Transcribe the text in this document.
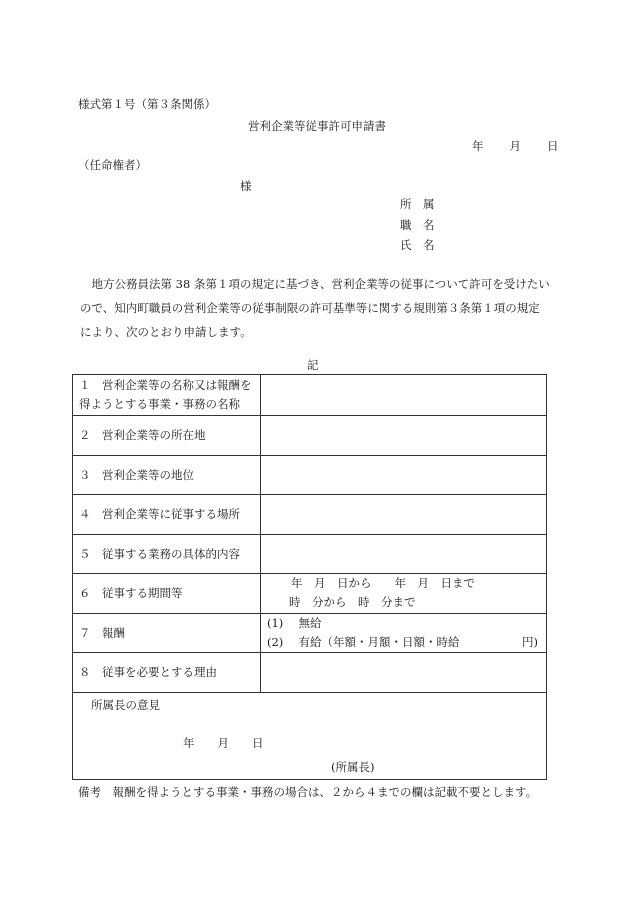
様式第１号（第３条関係）
営利企業等従事許可申請書
年 月 日
（任命権者）
様
所　属
職　名
氏　名
　地方公務員法第 38 条第１項の規定に基づき、営利企業等の従事について許可を受けたい
ので、知内町職員の営利企業等の従事制限の許可基準等に関する規則第３条第１項の規定
により、次のとおり申請します。
記
１　営利企業等の名称又は報酬を
得ようとする事業・事務の名称	

２　営利企業等の所在地	
３　営利企業等の地位	
４　営利企業等に従事する場所	
５　従事する業務の具体的内容	
６　従事する期間等	年　月　日から　　年　月　日まで
時　分から　時　分まで

７　報酬	(1)　 無給
(2)　 有給（年額・月額・日額・時給 円)

８　従事を必要とする理由	

所属長の意見
年　　月　　日
(所属長)	
備考　報酬を得ようとする事業・事務の場合は、２から４までの欄は記載不要とします。
